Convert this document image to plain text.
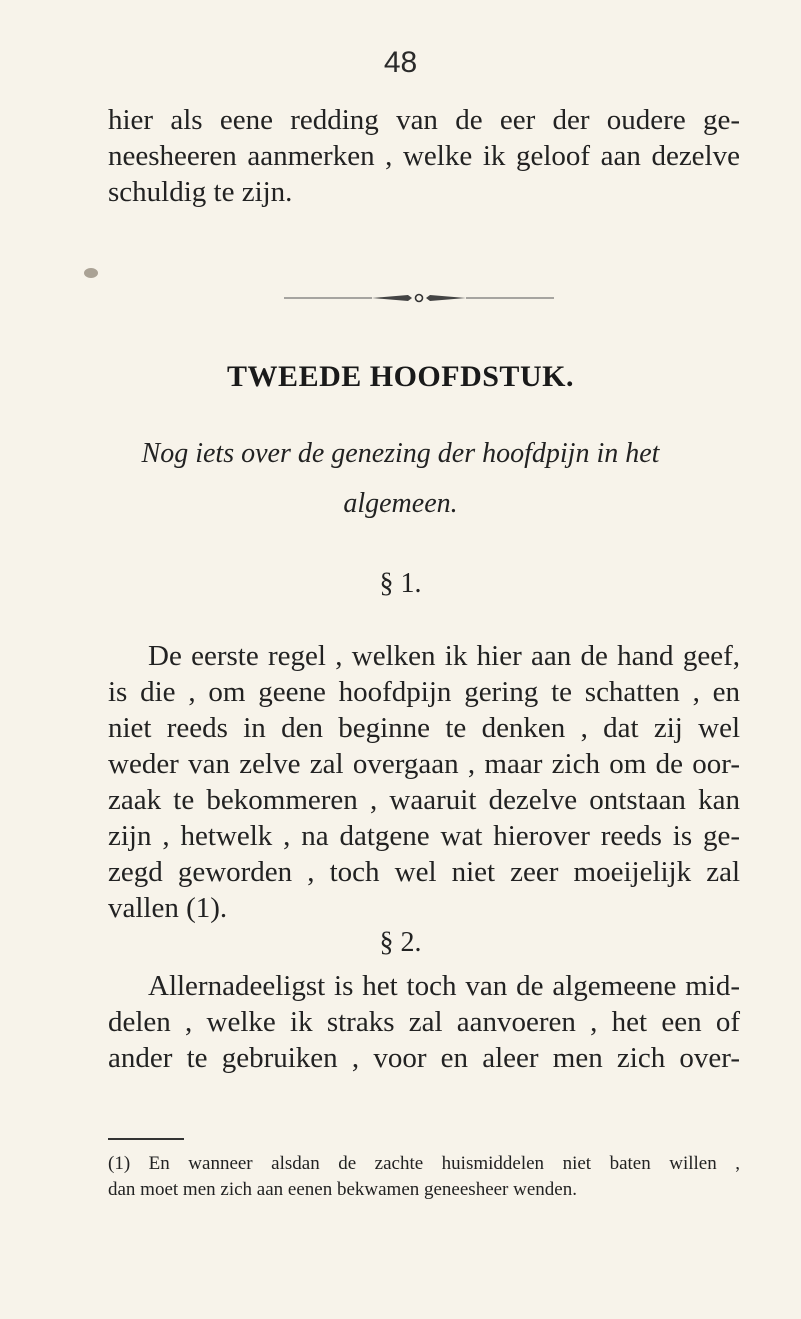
48
hier als eene redding van de eer der oudere ge-
neesheeren aanmerken , welke ik geloof aan dezelve
schuldig te zijn.
TWEEDE HOOFDSTUK.
Nog iets over de genezing der hoofdpijn in het
algemeen.
§ 1.
De eerste regel , welken ik hier aan de hand geef,
is die , om geene hoofdpijn gering te schatten , en
niet reeds in den beginne te denken , dat zij wel
weder van zelve zal overgaan , maar zich om de oor-
zaak te bekommeren , waaruit dezelve ontstaan kan
zijn , hetwelk , na datgene wat hierover reeds is ge-
zegd geworden , toch wel niet zeer moeijelijk zal
vallen (1).
§ 2.
Allernadeeligst is het toch van de algemeene mid-
delen , welke ik straks zal aanvoeren , het een of
ander te gebruiken , voor en aleer men zich over-
(1) En wanneer alsdan de zachte huismiddelen niet baten willen ,
dan moet men zich aan eenen bekwamen geneesheer wenden.
